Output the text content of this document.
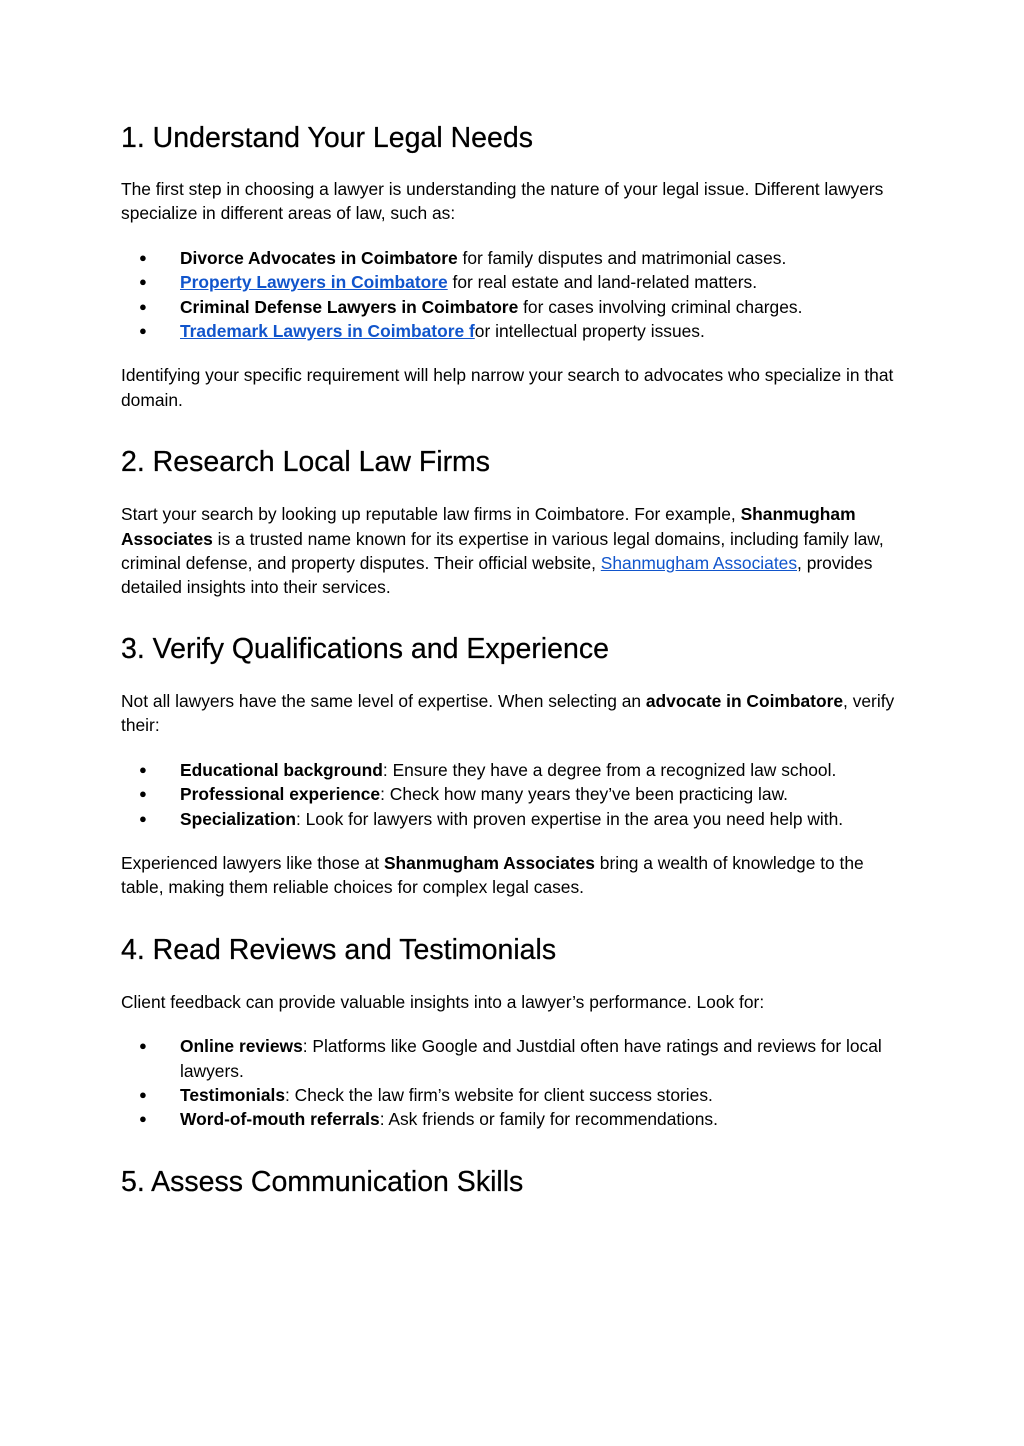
1. Understand Your Legal Needs

The first step in choosing a lawyer is understanding the nature of your legal issue. Different lawyers specialize in different areas of law, such as:

● Divorce Advocates in Coimbatore for family disputes and matrimonial cases.
● Property Lawyers in Coimbatore for real estate and land-related matters.
● Criminal Defense Lawyers in Coimbatore for cases involving criminal charges.
● Trademark Lawyers in Coimbatore for intellectual property issues.

Identifying your specific requirement will help narrow your search to advocates who specialize in that domain.

2. Research Local Law Firms

Start your search by looking up reputable law firms in Coimbatore. For example, Shanmugham Associates is a trusted name known for its expertise in various legal domains, including family law, criminal defense, and property disputes. Their official website, Shanmugham Associates, provides detailed insights into their services.

3. Verify Qualifications and Experience

Not all lawyers have the same level of expertise. When selecting an advocate in Coimbatore, verify their:

● Educational background: Ensure they have a degree from a recognized law school.
● Professional experience: Check how many years they’ve been practicing law.
● Specialization: Look for lawyers with proven expertise in the area you need help with.

Experienced lawyers like those at Shanmugham Associates bring a wealth of knowledge to the table, making them reliable choices for complex legal cases.

4. Read Reviews and Testimonials

Client feedback can provide valuable insights into a lawyer’s performance. Look for:

● Online reviews: Platforms like Google and Justdial often have ratings and reviews for local lawyers.
● Testimonials: Check the law firm’s website for client success stories.
● Word-of-mouth referrals: Ask friends or family for recommendations.
5. Assess Communication Skills
